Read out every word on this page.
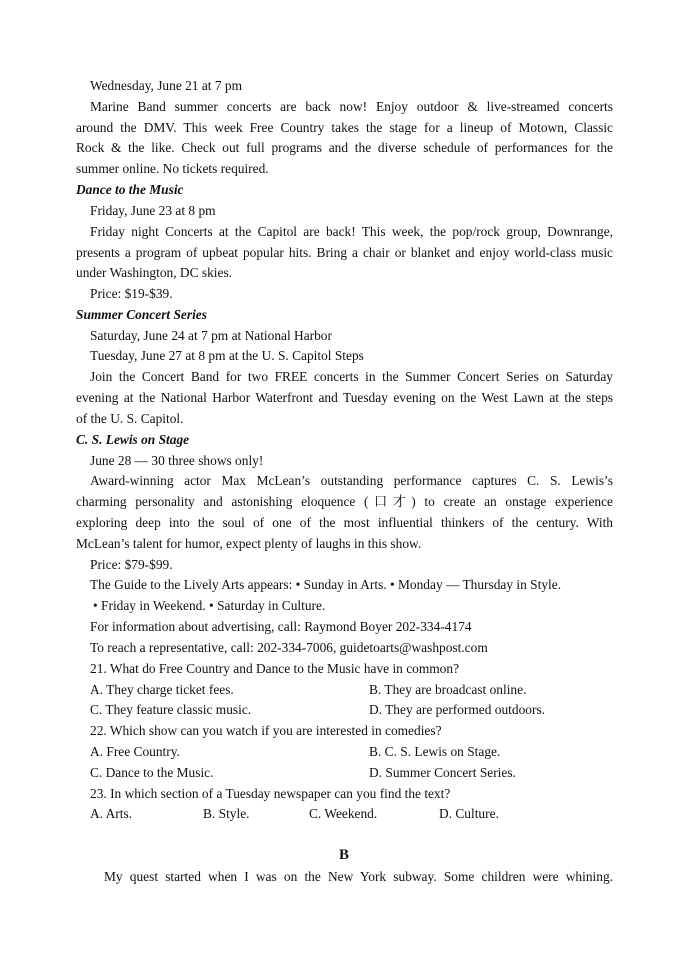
Wednesday, June 21 at 7 pm
Marine Band summer concerts are back now! Enjoy outdoor & live-streamed concerts
around the DMV. This week Free Country takes the stage for a lineup of Motown, Classic
Rock & the like. Check out full programs and the diverse schedule of performances for the
summer online. No tickets required.
Dance to the Music
Friday, June 23 at 8 pm
Friday night Concerts at the Capitol are back! This week, the pop/rock group, Downrange,
presents a program of upbeat popular hits. Bring a chair or blanket and enjoy world-class music
under Washington, DC skies.
Price: $19-$39.
Summer Concert Series
Saturday, June 24 at 7 pm at National Harbor
Tuesday, June 27 at 8 pm at the U. S. Capitol Steps
Join the Concert Band for two FREE concerts in the Summer Concert Series on Saturday
evening at the National Harbor Waterfront and Tuesday evening on the West Lawn at the steps
of the U. S. Capitol.
C. S. Lewis on Stage
June 28 — 30 three shows only!
Award-winning actor Max McLean’s outstanding performance captures C. S. Lewis’s
charming personality and astonishing eloquence (口才) to create an onstage experience
exploring deep into the soul of one of the most influential thinkers of the century. With
McLean’s talent for humor, expect plenty of laughs in this show.
Price: $79-$99.
The Guide to the Lively Arts appears: • Sunday in Arts. • Monday — Thursday in Style.
• Friday in Weekend. • Saturday in Culture.
For information about advertising, call: Raymond Boyer 202-334-4174
To reach a representative, call: 202-334-7006, guidetoarts@washpost.com
21. What do Free Country and Dance to the Music have in common?
A. They charge ticket fees.	B. They are broadcast online.
C. They feature classic music.	D. They are performed outdoors.
22. Which show can you watch if you are interested in comedies?
A. Free Country.	B. C. S. Lewis on Stage.
C. Dance to the Music.	D. Summer Concert Series.
23. In which section of a Tuesday newspaper can you find the text?
A. Arts.	B. Style.	C. Weekend.	D. Culture.
B
My quest started when I was on the New York subway. Some children were whining.
